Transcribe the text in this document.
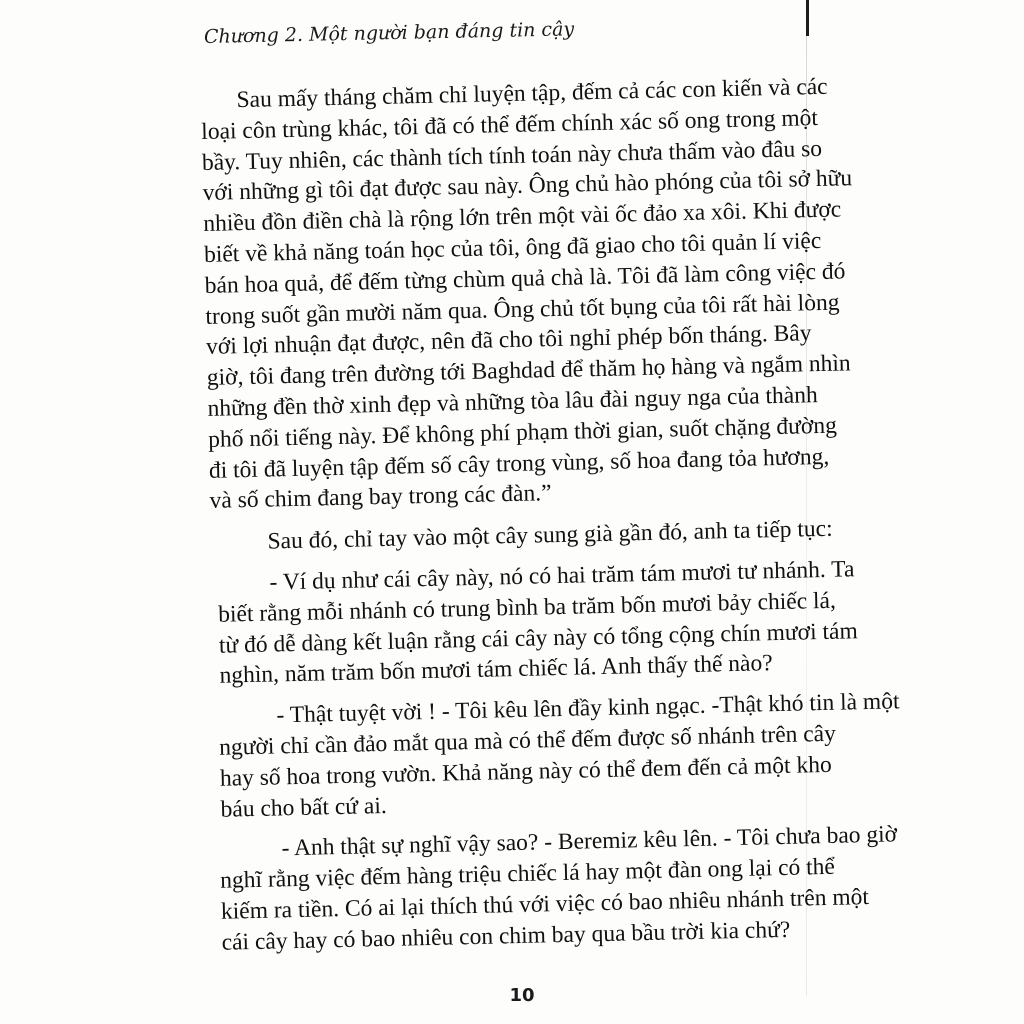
Chương 2. Một người bạn đáng tin cậy
Sau mấy tháng chăm chỉ luyện tập, đếm cả các con kiến và các
loại côn trùng khác, tôi đã có thể đếm chính xác số ong trong một
bầy. Tuy nhiên, các thành tích tính toán này chưa thấm vào đâu so
với những gì tôi đạt được sau này. Ông chủ hào phóng của tôi sở hữu
nhiều đồn điền chà là rộng lớn trên một vài ốc đảo xa xôi. Khi được
biết về khả năng toán học của tôi, ông đã giao cho tôi quản lí việc
bán hoa quả, để đếm từng chùm quả chà là. Tôi đã làm công việc đó
trong suốt gần mười năm qua. Ông chủ tốt bụng của tôi rất hài lòng
với lợi nhuận đạt được, nên đã cho tôi nghỉ phép bốn tháng. Bây
giờ, tôi đang trên đường tới Baghdad để thăm họ hàng và ngắm nhìn
những đền thờ xinh đẹp và những tòa lâu đài nguy nga của thành
phố nổi tiếng này. Để không phí phạm thời gian, suốt chặng đường
đi tôi đã luyện tập đếm số cây trong vùng, số hoa đang tỏa hương,
và số chim đang bay trong các đàn.”
Sau đó, chỉ tay vào một cây sung già gần đó, anh ta tiếp tục:
- Ví dụ như cái cây này, nó có hai trăm tám mươi tư nhánh. Ta
biết rằng mỗi nhánh có trung bình ba trăm bốn mươi bảy chiếc lá,
từ đó dễ dàng kết luận rằng cái cây này có tổng cộng chín mươi tám
nghìn, năm trăm bốn mươi tám chiếc lá. Anh thấy thế nào?
- Thật tuyệt vời ! - Tôi kêu lên đầy kinh ngạc. -Thật khó tin là một
người chỉ cần đảo mắt qua mà có thể đếm được số nhánh trên cây
hay số hoa trong vườn. Khả năng này có thể đem đến cả một kho
báu cho bất cứ ai.
- Anh thật sự nghĩ vậy sao? - Beremiz kêu lên. - Tôi chưa bao giờ
nghĩ rằng việc đếm hàng triệu chiếc lá hay một đàn ong lại có thể
kiếm ra tiền. Có ai lại thích thú với việc có bao nhiêu nhánh trên một
cái cây hay có bao nhiêu con chim bay qua bầu trời kia chứ?
10
